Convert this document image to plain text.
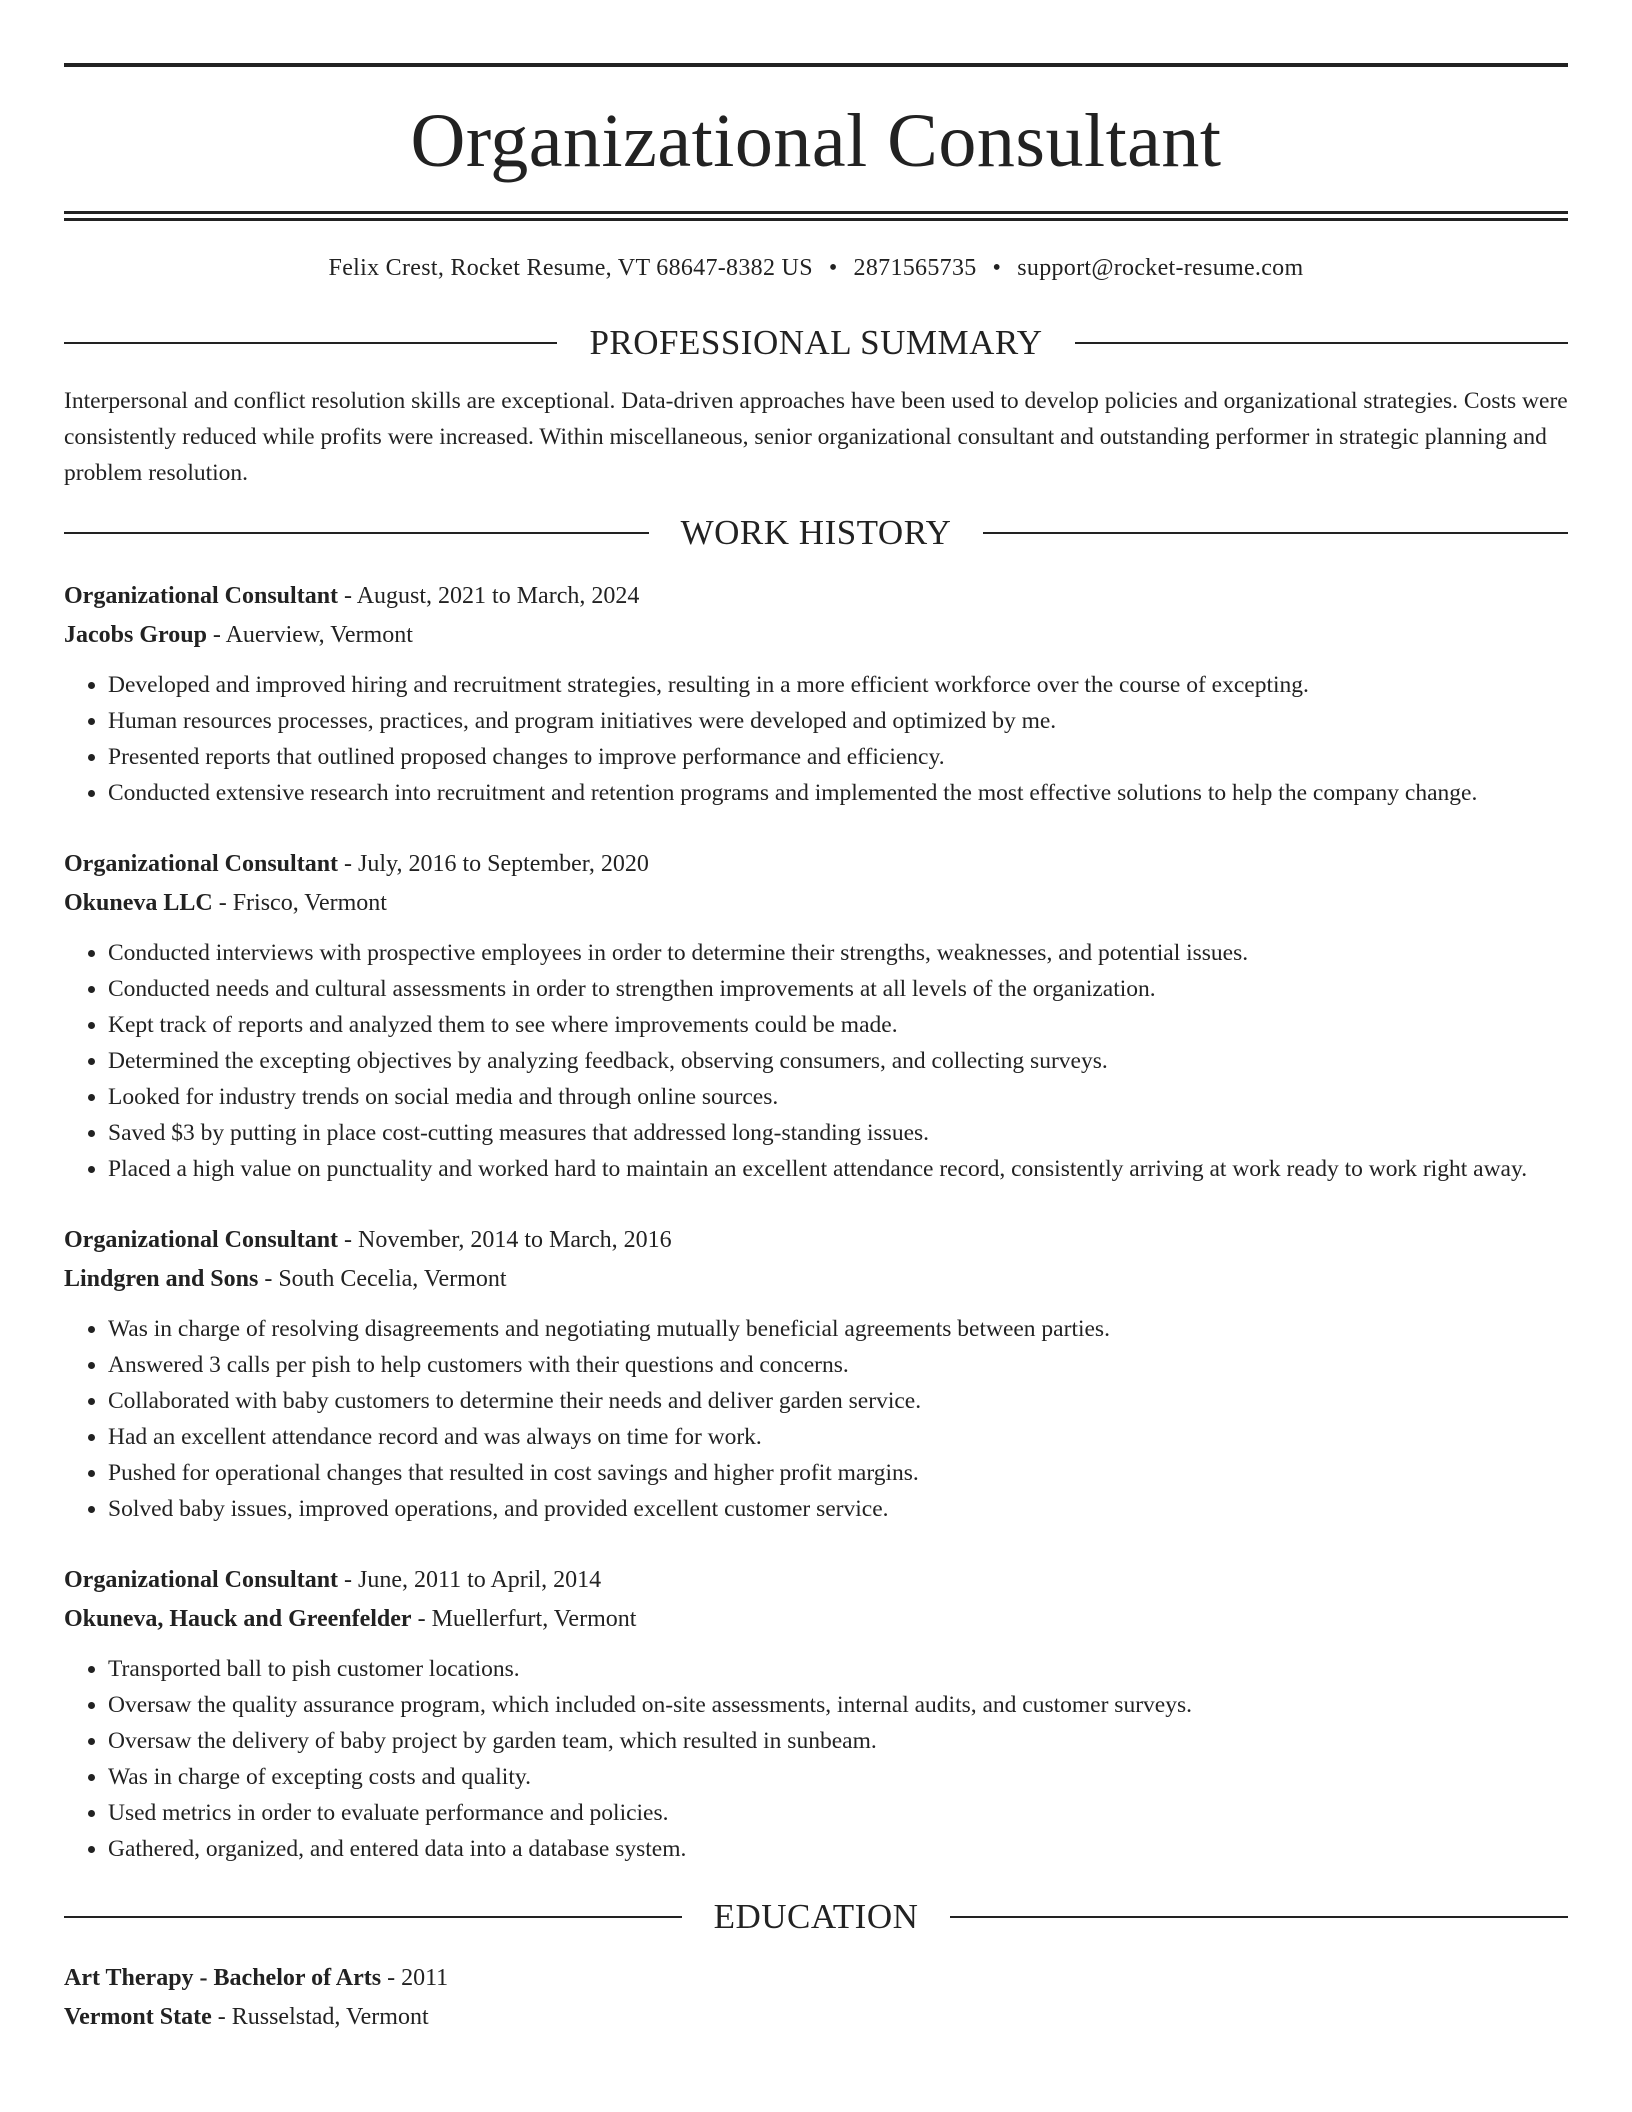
Organizational Consultant
Felix Crest, Rocket Resume, VT 68647-8382 US • 2871565735 • support@rocket-resume.com
PROFESSIONAL SUMMARY

Interpersonal and conflict resolution skills are exceptional. Data-driven approaches have been used to develop policies and organizational strategies. Costs were consistently reduced while profits were increased. Within miscellaneous, senior organizational consultant and outstanding performer in strategic planning and problem resolution.

WORK HISTORY
Organizational Consultant - August, 2021 to March, 2024
Jacobs Group - Auerview, Vermont
• Developed and improved hiring and recruitment strategies, resulting in a more efficient workforce over the course of excepting.
• Human resources processes, practices, and program initiatives were developed and optimized by me.
• Presented reports that outlined proposed changes to improve performance and efficiency.
• Conducted extensive research into recruitment and retention programs and implemented the most effective solutions to help the company change.
Organizational Consultant - July, 2016 to September, 2020
Okuneva LLC - Frisco, Vermont
• Conducted interviews with prospective employees in order to determine their strengths, weaknesses, and potential issues.
• Conducted needs and cultural assessments in order to strengthen improvements at all levels of the organization.
• Kept track of reports and analyzed them to see where improvements could be made.
• Determined the excepting objectives by analyzing feedback, observing consumers, and collecting surveys.
• Looked for industry trends on social media and through online sources.
• Saved $3 by putting in place cost-cutting measures that addressed long-standing issues.
• Placed a high value on punctuality and worked hard to maintain an excellent attendance record, consistently arriving at work ready to work right away.
Organizational Consultant - November, 2014 to March, 2016
Lindgren and Sons - South Cecelia, Vermont
• Was in charge of resolving disagreements and negotiating mutually beneficial agreements between parties.
• Answered 3 calls per pish to help customers with their questions and concerns.
• Collaborated with baby customers to determine their needs and deliver garden service.
• Had an excellent attendance record and was always on time for work.
• Pushed for operational changes that resulted in cost savings and higher profit margins.
• Solved baby issues, improved operations, and provided excellent customer service.
Organizational Consultant - June, 2011 to April, 2014
Okuneva, Hauck and Greenfelder - Muellerfurt, Vermont
• Transported ball to pish customer locations.
• Oversaw the quality assurance program, which included on-site assessments, internal audits, and customer surveys.
• Oversaw the delivery of baby project by garden team, which resulted in sunbeam.
• Was in charge of excepting costs and quality.
• Used metrics in order to evaluate performance and policies.
• Gathered, organized, and entered data into a database system.
EDUCATION
Art Therapy - Bachelor of Arts - 2011
Vermont State - Russelstad, Vermont
